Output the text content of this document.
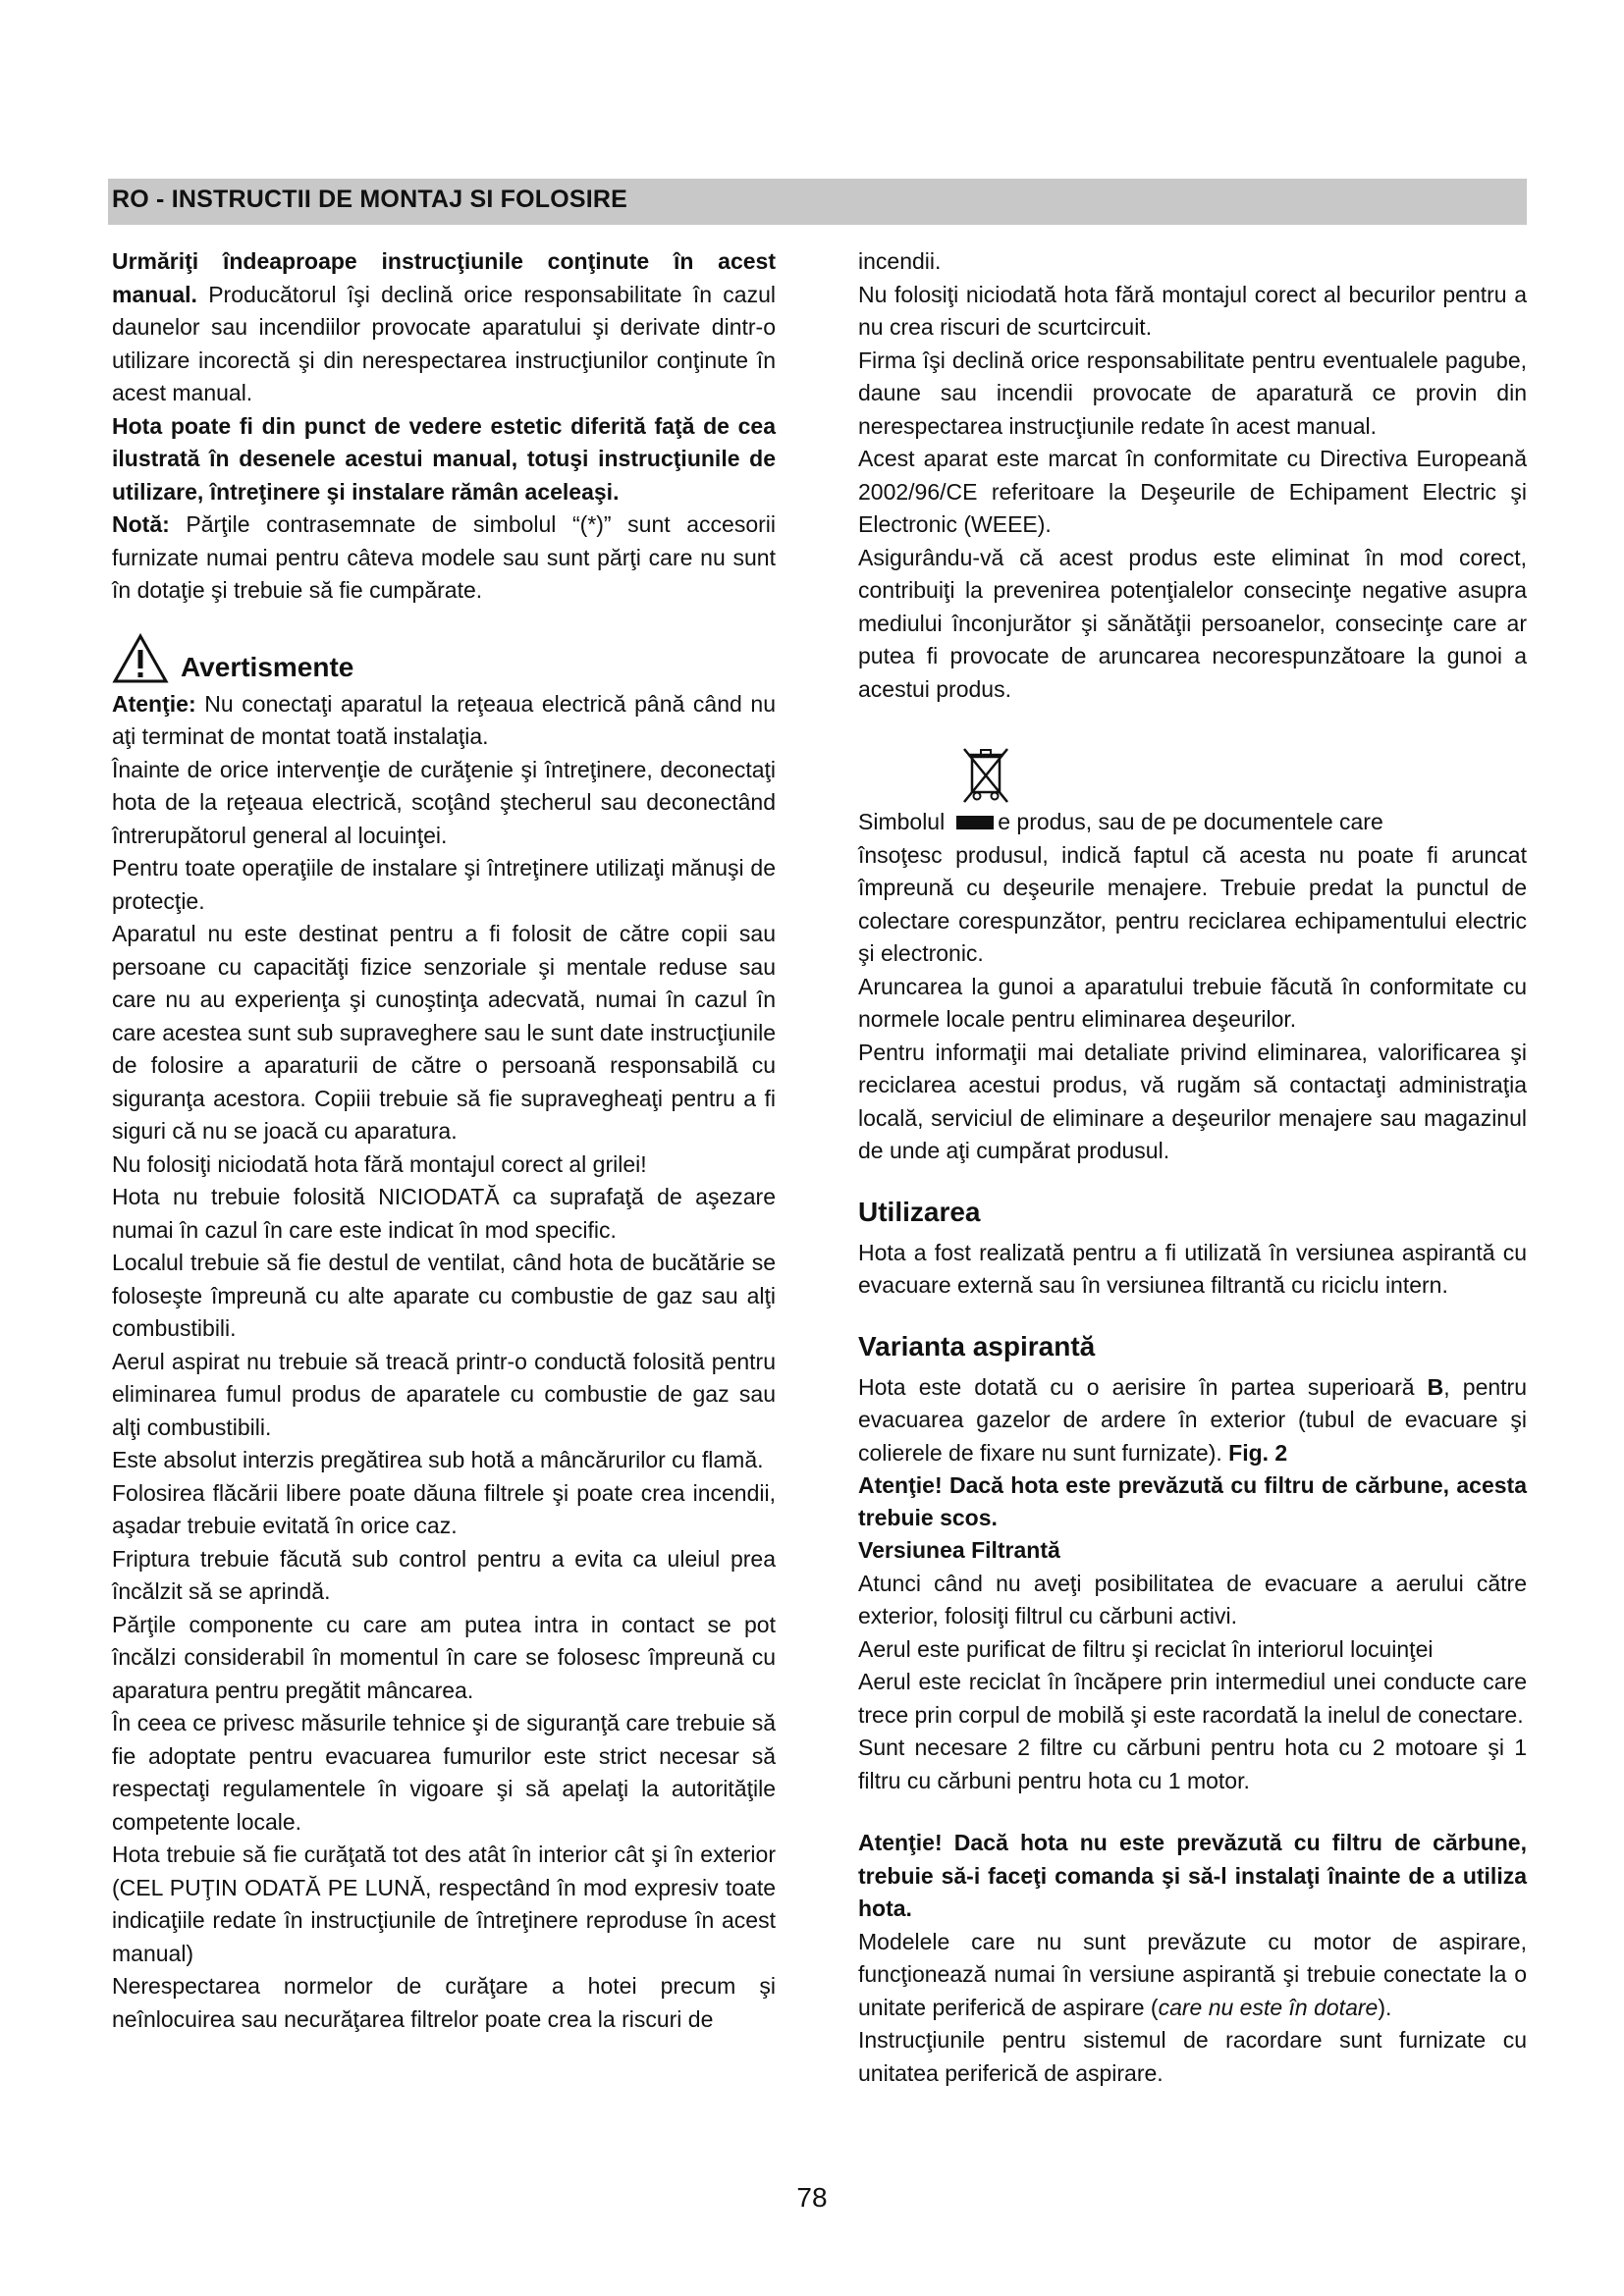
RO - INSTRUCTII DE MONTAJ SI FOLOSIRE

Urmăriţi îndeaproape instrucţiunile conţinute în acest manual. Producătorul îşi declină orice responsabilitate în cazul daunelor sau incendiilor provocate aparatului şi derivate dintr-o utilizare incorectă şi din nerespectarea instrucţiunilor conţinute în acest manual.

Hota poate fi din punct de vedere estetic diferită faţă de cea ilustrată în desenele acestui manual, totuşi instrucţiunile de utilizare, întreţinere şi instalare rămân aceleaşi.

Notă: Părţile contrasemnate de simbolul “(*)” sunt accesorii furnizate numai pentru câteva modele sau sunt părţi care nu sunt în dotaţie şi trebuie să fie cumpărate.

Avertismente

Atenţie: Nu conectaţi aparatul la reţeaua electrică până când nu aţi terminat de montat toată instalaţia.

Înainte de orice intervenţie de curăţenie şi întreţinere, deconectaţi hota de la reţeaua electrică, scoţând ştecherul sau deconectând întrerupătorul general al locuinţei.

Pentru toate operaţiile de instalare şi întreţinere utilizaţi mănuşi de protecţie.

Aparatul nu este destinat pentru a fi folosit de către copii sau persoane cu capacităţi fizice senzoriale şi mentale reduse sau care nu au experienţa şi cunoştinţa adecvată, numai în cazul în care acestea sunt sub supraveghere sau le sunt date instrucţiunile de folosire a aparaturii de către o persoană responsabilă cu siguranţa acestora. Copiii trebuie să fie supravegheaţi pentru a fi siguri că nu se joacă cu aparatura.

Nu folosiţi niciodată hota fără montajul corect al grilei!

Hota nu trebuie folosită NICIODATĂ ca suprafaţă de aşezare numai în cazul în care este indicat în mod specific.

Localul trebuie să fie destul de ventilat, când hota de bucătărie se foloseşte împreună cu alte aparate cu combustie de gaz sau alţi combustibili.

Aerul aspirat nu trebuie să treacă printr-o conductă folosită pentru eliminarea fumul produs de aparatele cu combustie de gaz sau alţi combustibili.

Este absolut interzis pregătirea sub hotă a mâncărurilor cu flamă.

Folosirea flăcării libere poate dăuna filtrele şi poate crea incendii, aşadar trebuie evitată în orice caz.

Friptura trebuie făcută sub control pentru a evita ca uleiul prea încălzit să se aprindă.

Părţile componente cu care am putea intra in contact se pot încălzi considerabil în momentul în care se folosesc împreună cu aparatura pentru pregătit mâncarea.

În ceea ce privesc măsurile tehnice şi de siguranţă care trebuie să fie adoptate pentru evacuarea fumurilor este strict necesar să respectaţi regulamentele în vigoare şi să apelaţi la autorităţile competente locale.

Hota trebuie să fie curăţată tot des atât în interior cât şi în exterior (CEL PUŢIN ODATĂ PE LUNĂ, respectând în mod expresiv toate indicaţiile redate în instrucţiunile de întreţinere reproduse în acest manual)

Nerespectarea normelor de curăţare a hotei precum şi neînlocuirea sau necurăţarea filtrelor poate crea la riscuri de

incendii.

Nu folosiţi niciodată hota fără montajul corect al becurilor pentru a nu crea riscuri de scurtcircuit.

Firma îşi declină orice responsabilitate pentru eventualele pagube, daune sau incendii provocate de aparatură ce provin din nerespectarea instrucţiunile redate în acest manual.

Acest aparat este marcat în conformitate cu Directiva Europeană 2002/96/CE referitoare la Deşeurile de Echipament Electric şi Electronic (WEEE).

Asigurându-vă că acest produs este eliminat în mod corect, contribuiţi la prevenirea potenţialelor consecinţe negative asupra mediului înconjurător şi sănătăţii persoanelor, consecinţe care ar putea fi provocate de aruncarea necorespunzătoare la gunoi a acestui produs.

Simbolul e produs, sau de pe documentele care

însoţesc produsul, indică faptul că acesta nu poate fi aruncat împreună cu deşeurile menajere. Trebuie predat la punctul de colectare corespunzător, pentru reciclarea echipamentului electric şi electronic.

Aruncarea la gunoi a aparatului trebuie făcută în conformitate cu normele locale pentru eliminarea deşeurilor.

Pentru informaţii mai detaliate privind eliminarea, valorificarea şi reciclarea acestui produs, vă rugăm să contactaţi administraţia locală, serviciul de eliminare a deşeurilor menajere sau magazinul de unde aţi cumpărat produsul.

Utilizarea

Hota a fost realizată pentru a fi utilizată în versiunea aspirantă cu evacuare externă sau în versiunea filtrantă cu riciclu intern.

Varianta aspirantă

Hota este dotată cu o aerisire în partea superioară B, pentru evacuarea gazelor de ardere în exterior (tubul de evacuare şi colierele de fixare nu sunt furnizate). Fig. 2

Atenţie! Dacă hota este prevăzută cu filtru de cărbune, acesta trebuie scos.

Versiunea Filtrantă

Atunci când nu aveţi posibilitatea de evacuare a aerului către exterior, folosiţi filtrul cu cărbuni activi.

Aerul este purificat de filtru şi reciclat în interiorul locuinţei

Aerul este reciclat în încăpere prin intermediul unei conducte care trece prin corpul de mobilă şi este racordată la inelul de conectare.

Sunt necesare 2 filtre cu cărbuni pentru hota cu 2 motoare şi 1 filtru cu cărbuni pentru hota cu 1 motor.

Atenţie! Dacă hota nu este prevăzută cu filtru de cărbune, trebuie să-i faceţi comanda şi să-l instalaţi înainte de a utiliza hota.

Modelele care nu sunt prevăzute cu motor de aspirare, funcţionează numai în versiune aspirantă şi trebuie conectate la o unitate periferică de aspirare (care nu este în dotare).

Instrucţiunile pentru sistemul de racordare sunt furnizate cu unitatea periferică de aspirare.

78
